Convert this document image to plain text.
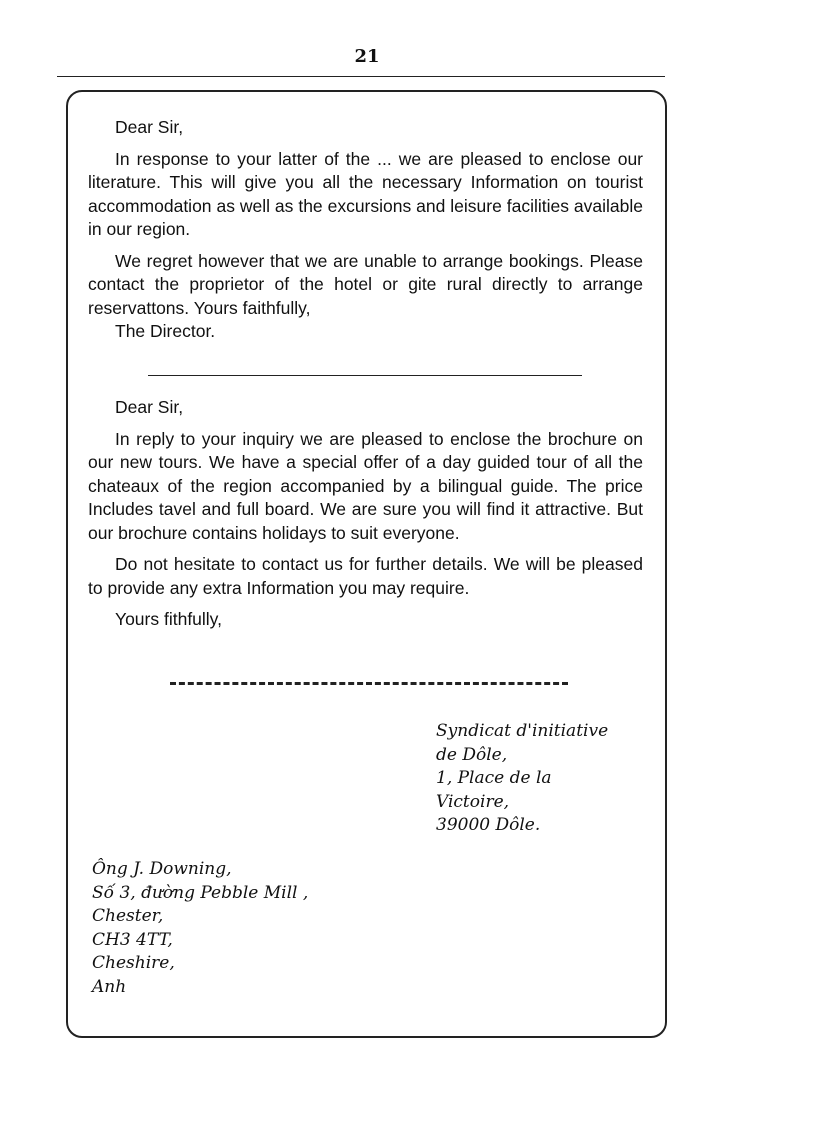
21

Dear Sir,

In response to your latter of the ... we are pleased to enclose our literature. This will give you all the necessary Information on tourist accommodation as well as the excursions and leisure facilities available in our region.

We regret however that we are unable to arrange bookings. Please contact the proprietor of the hotel or gite rural directly to arrange reservattons. Yours faithfully,

The Director.

Dear Sir,

In reply to your inquiry we are pleased to enclose the brochure on our new tours. We have a special offer of a day guided tour of all the chateaux of the region accompanied by a bilingual guide. The price Includes tavel and full board. We are sure you will find it attractive. But our brochure contains holidays to suit everyone.

Do not hesitate to contact us for further details. We will be pleased to provide any extra Information you may require.

Yours fithfully,

Syndicat d'initiative
de Dôle,
1, Place de la
Victoire,
39000 Dôle.
Ông J. Downing,
Số 3, đường Pebble Mill ,
Chester,
CH3 4TT,
Cheshire,
Anh
